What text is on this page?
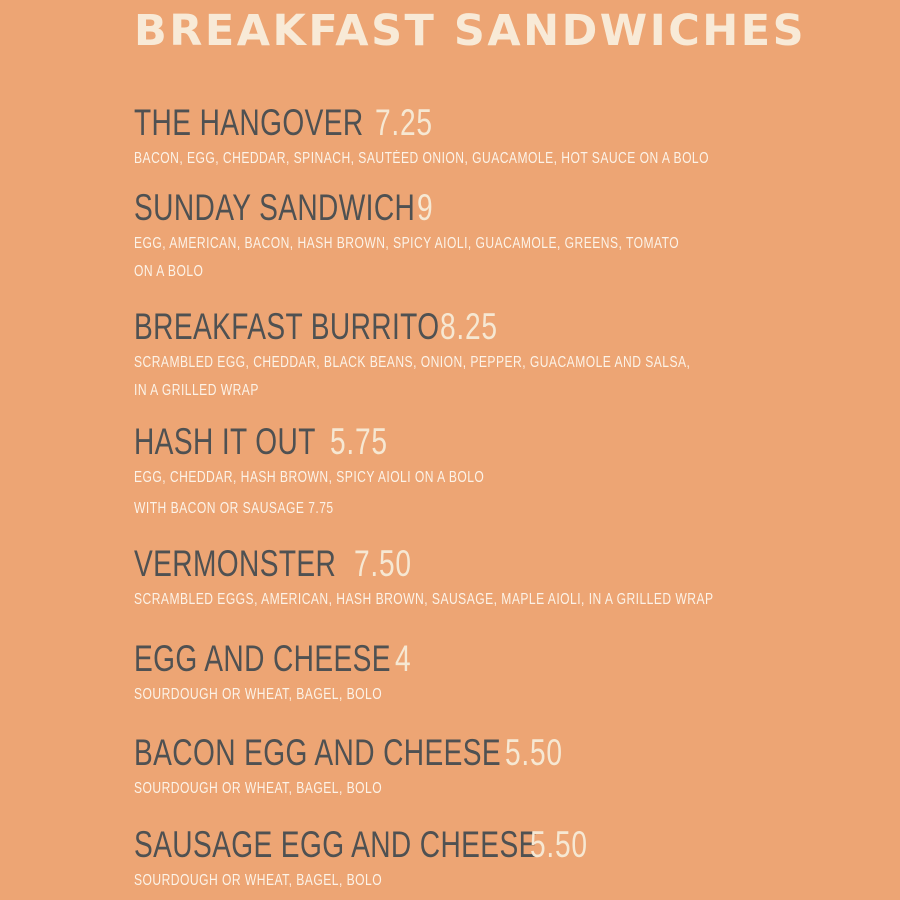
BREAKFAST SANDWICHES
THE HANGOVER 7.25
BACON, EGG, CHEDDAR, SPINACH, SAUTÉED ONION, GUACAMOLE, HOT SAUCE ON A BOLO
SUNDAY SANDWICH 9
EGG, AMERICAN, BACON, HASH BROWN, SPICY AIOLI, GUACAMOLE, GREENS, TOMATO
ON A BOLO
BREAKFAST BURRITO 8.25
SCRAMBLED EGG, CHEDDAR, BLACK BEANS, ONION, PEPPER, GUACAMOLE AND SALSA,
IN A GRILLED WRAP
HASH IT OUT 5.75
EGG, CHEDDAR, HASH BROWN, SPICY AIOLI ON A BOLO
WITH BACON OR SAUSAGE 7.75
VERMONSTER 7.50
SCRAMBLED EGGS, AMERICAN, HASH BROWN, SAUSAGE, MAPLE AIOLI, IN A GRILLED WRAP
EGG AND CHEESE 4
SOURDOUGH OR WHEAT, BAGEL, BOLO
BACON EGG AND CHEESE 5.50
SOURDOUGH OR WHEAT, BAGEL, BOLO
SAUSAGE EGG AND CHEESE
5.50
SOURDOUGH OR WHEAT, BAGEL, BOLO
